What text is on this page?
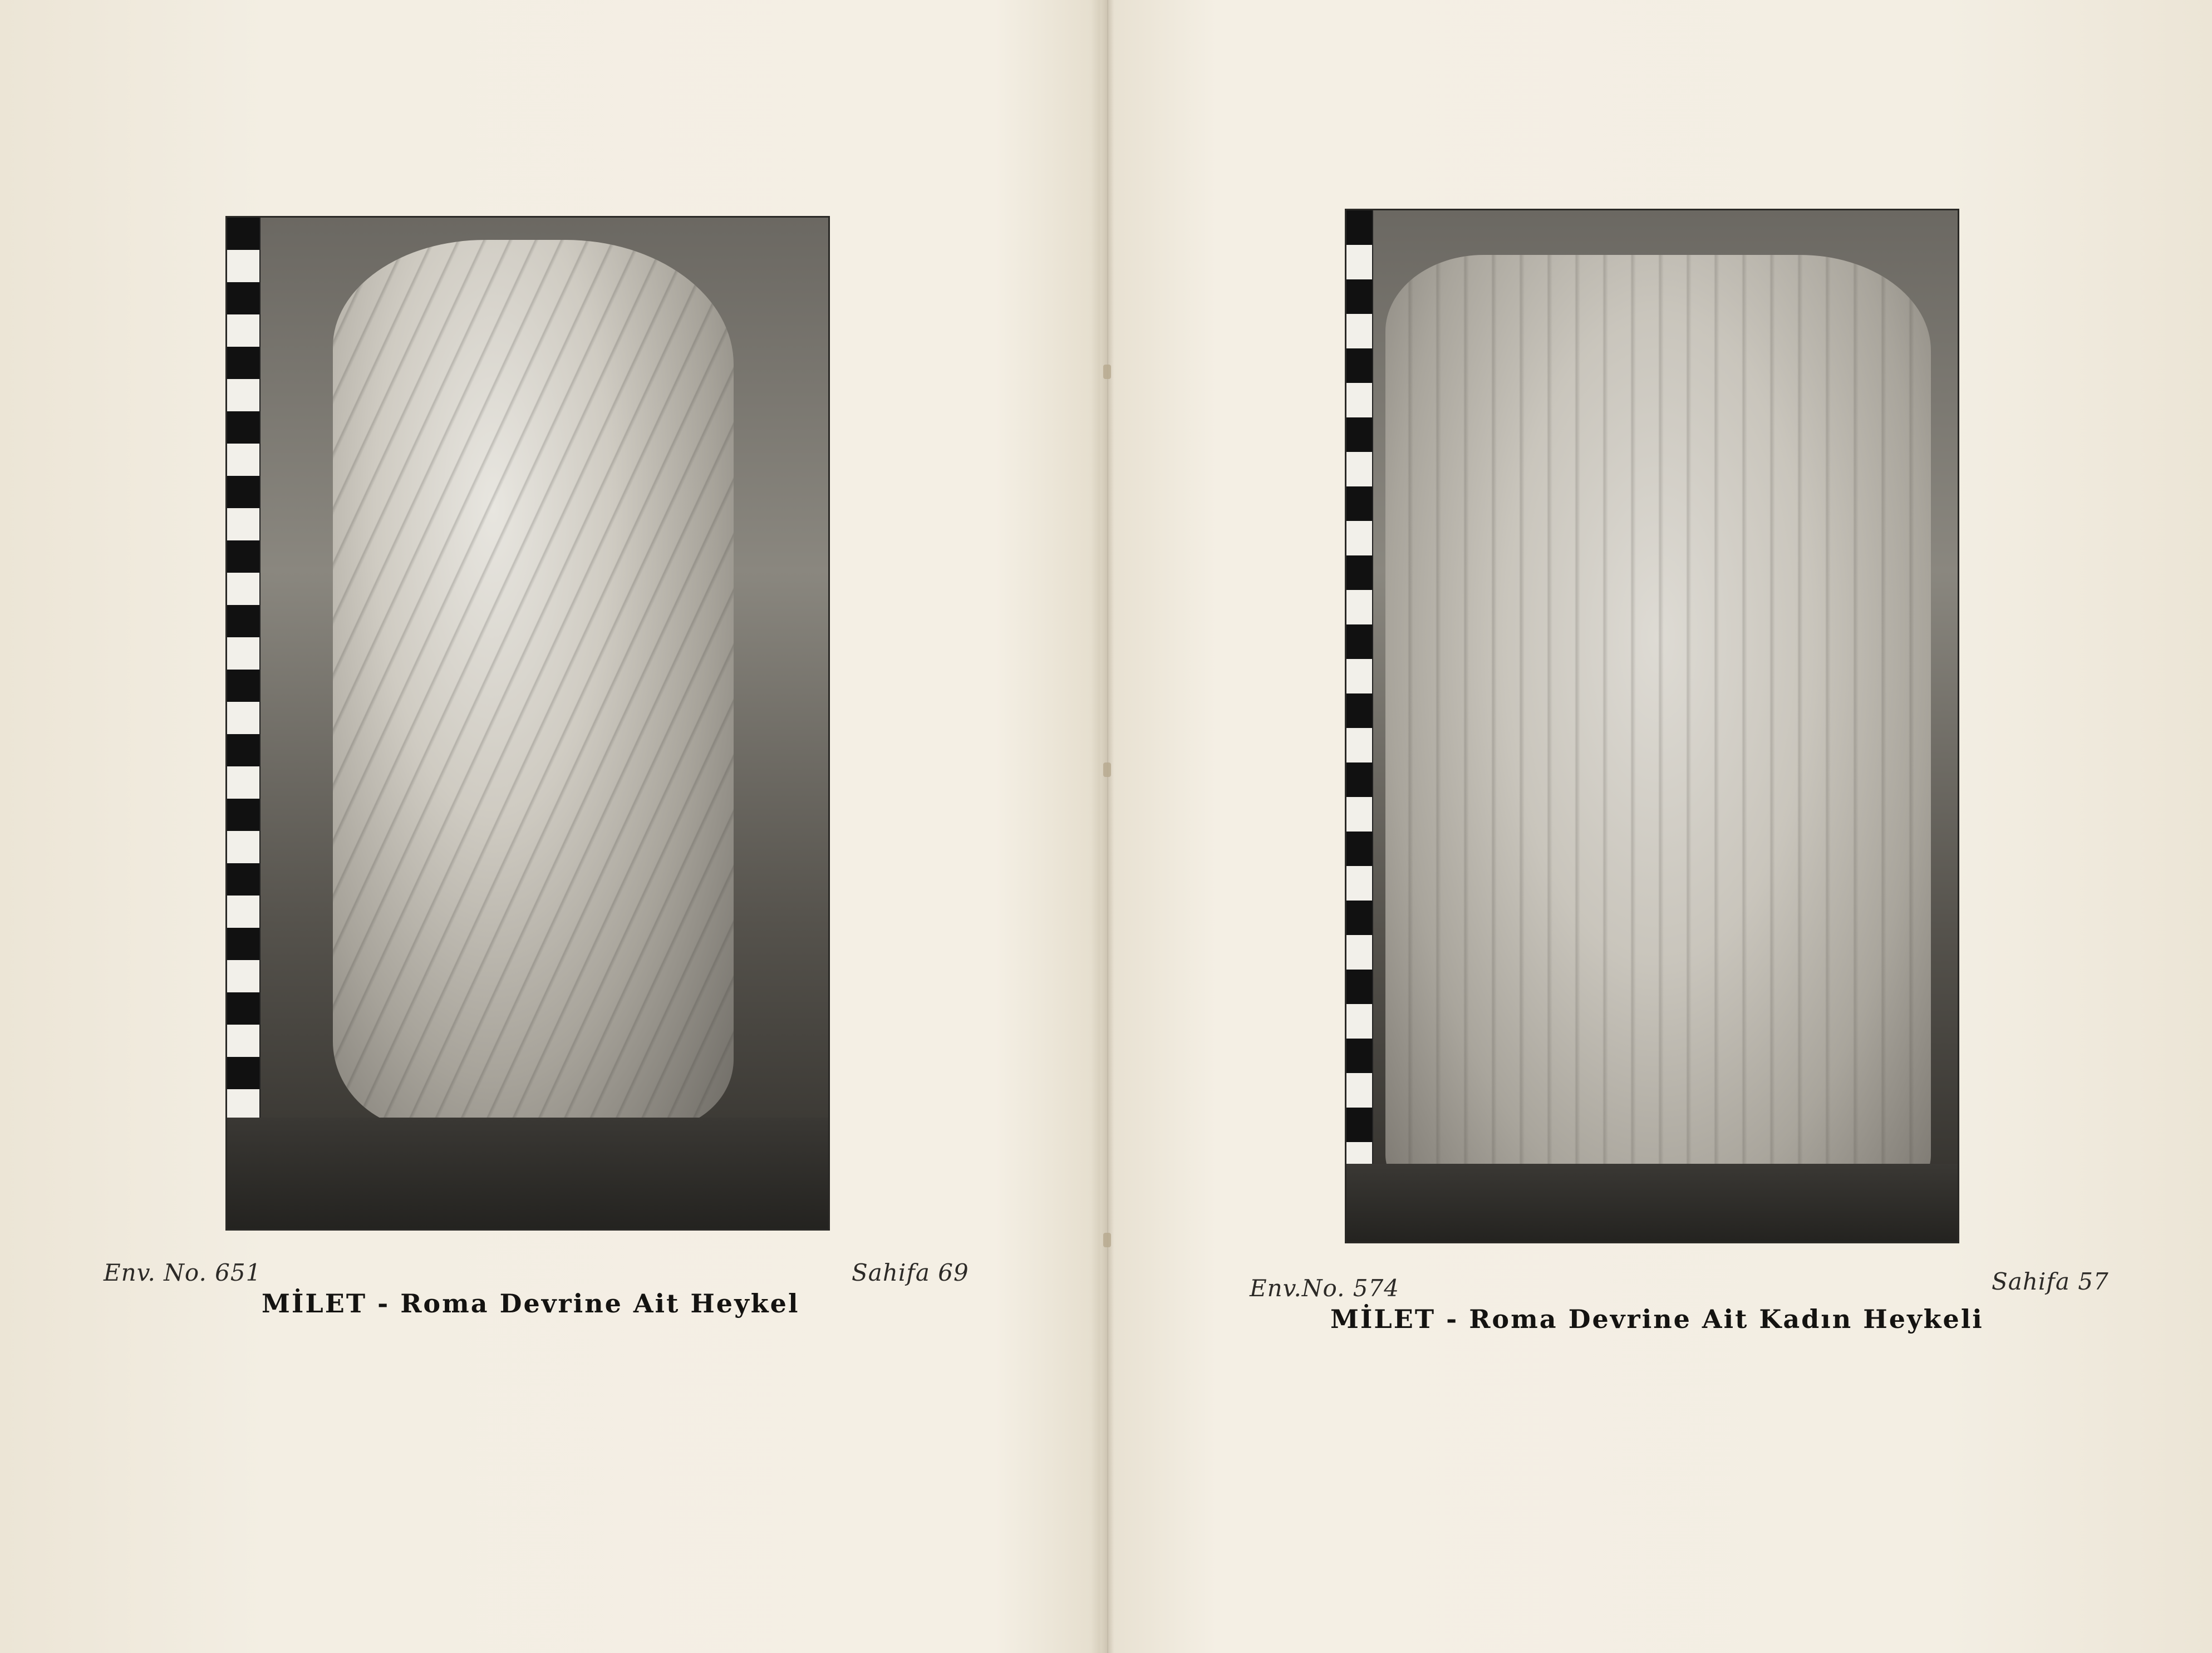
Env. No. 651	Sahifa 69
MİLET - Roma Devrine Ait Heykel
Env.No. 574	Sahifa 57
MİLET - Roma Devrine Ait Kadın Heykeli
